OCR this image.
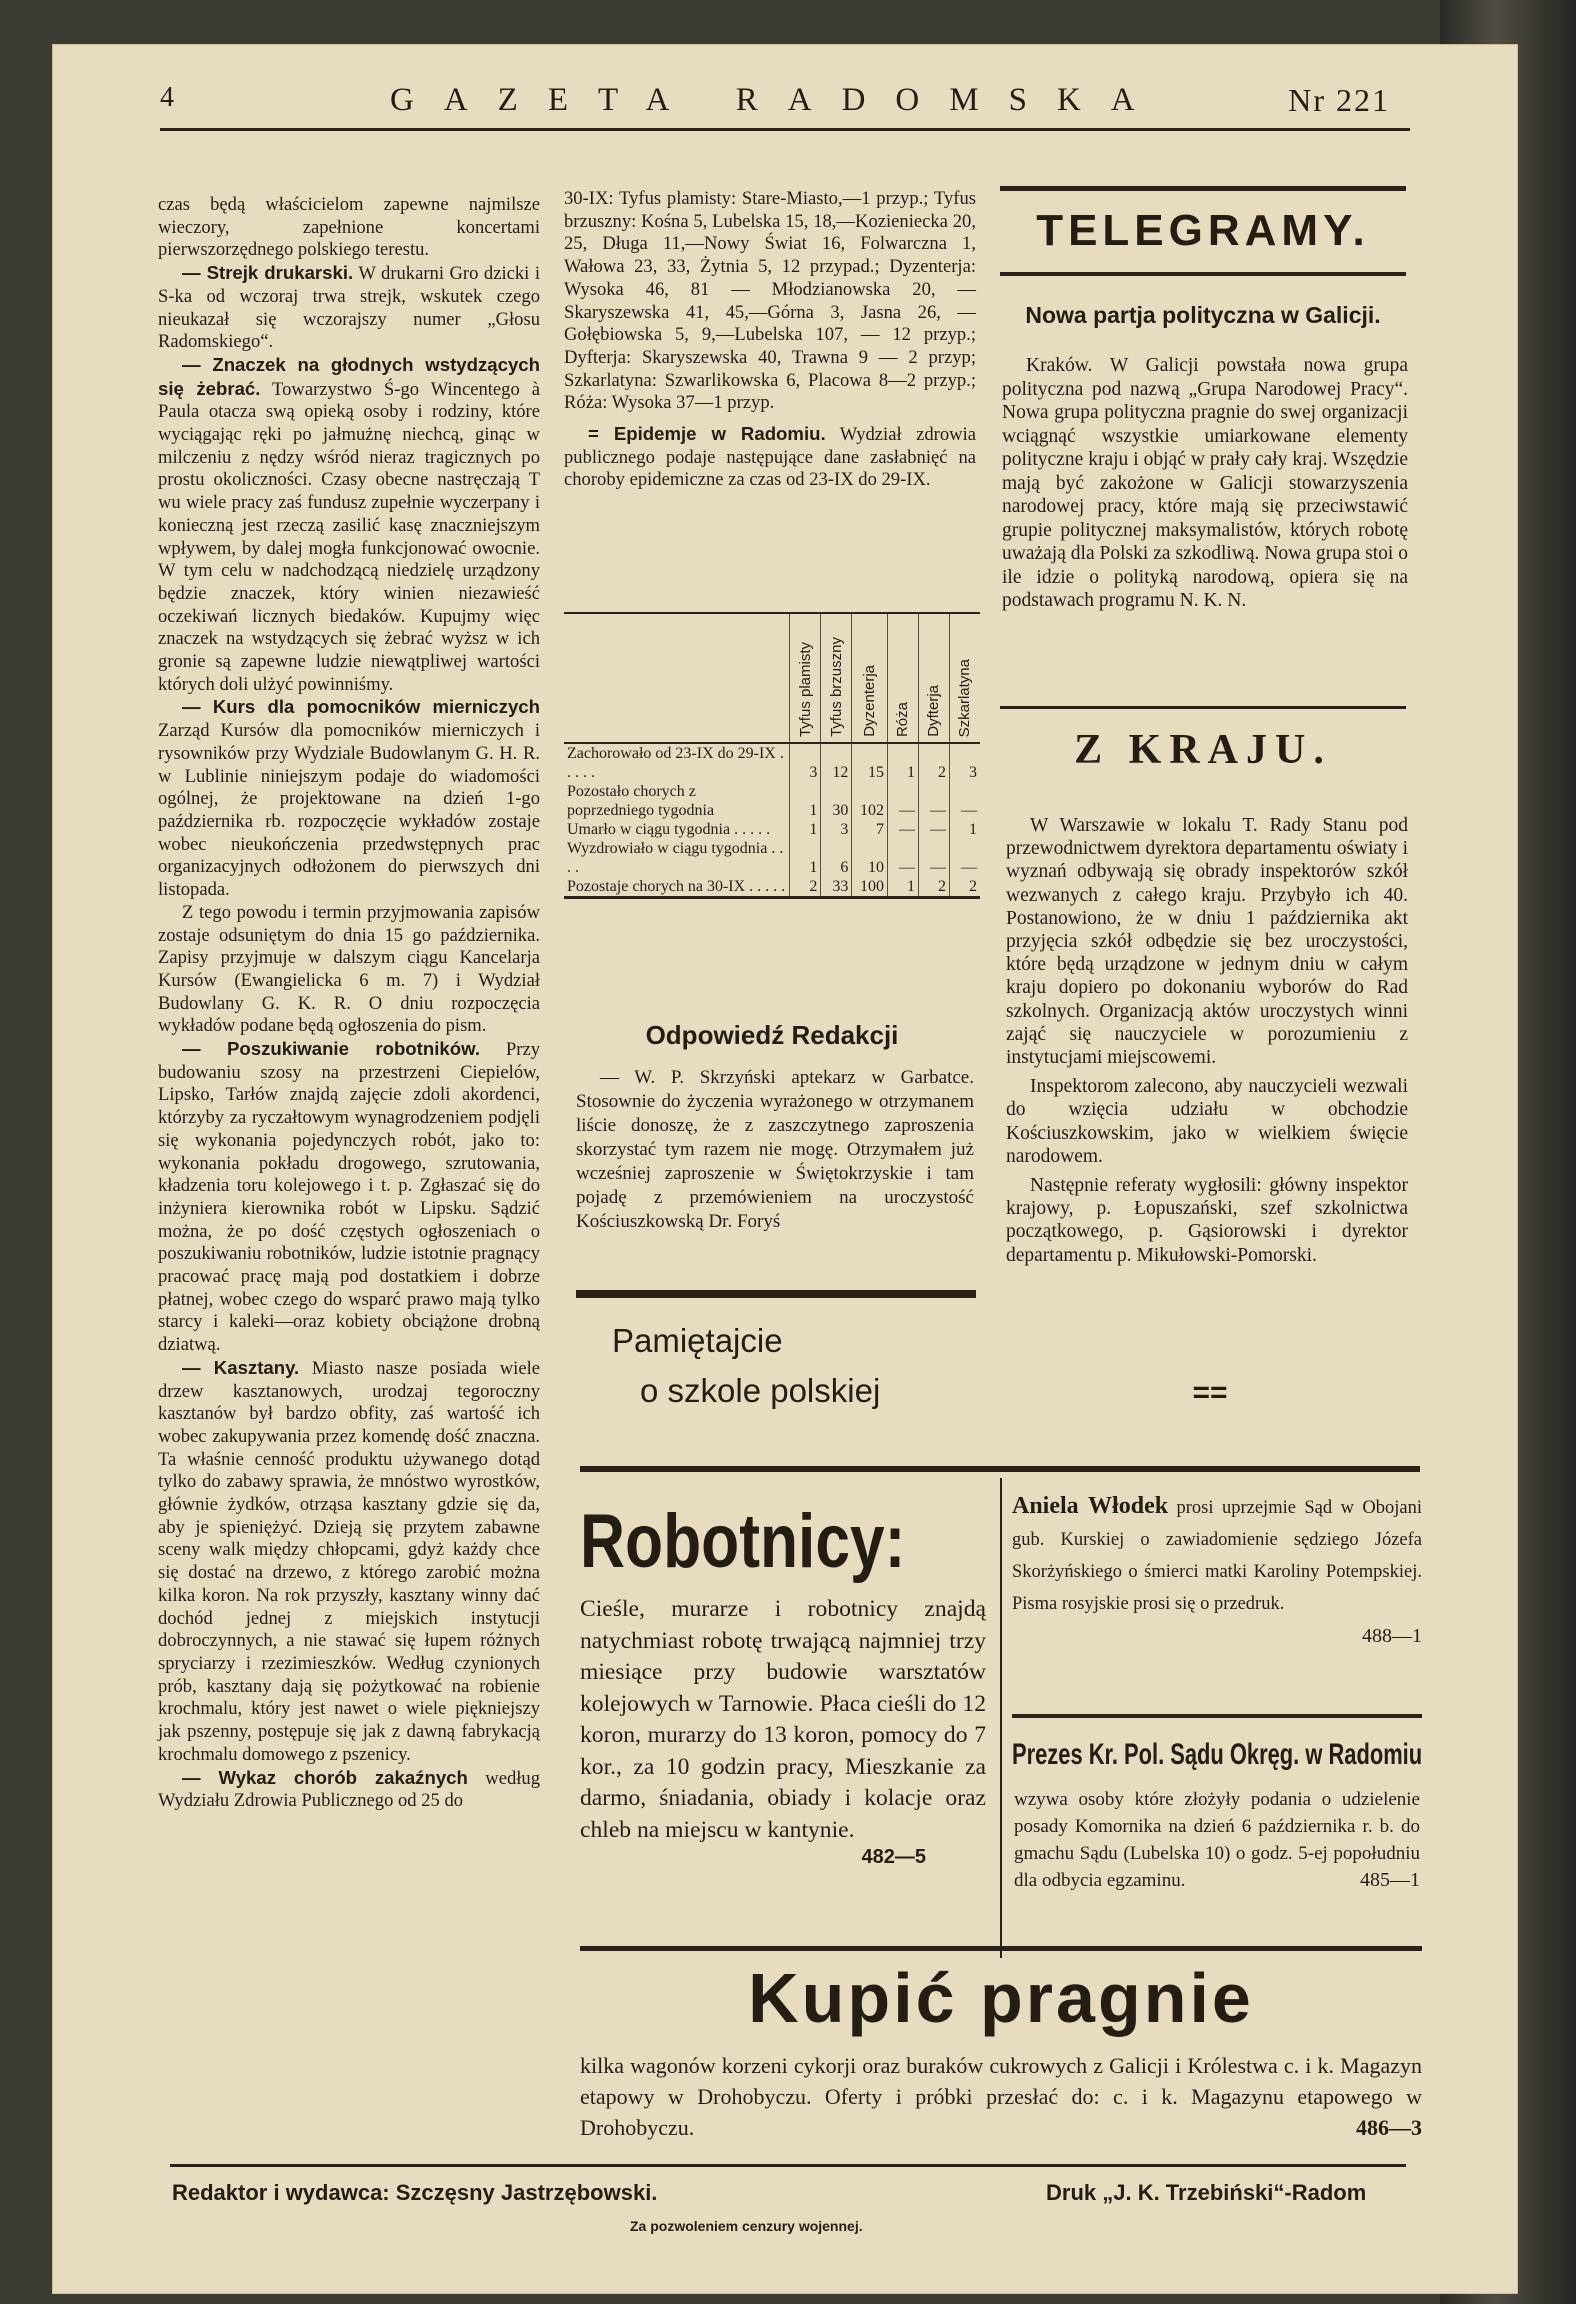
4	GAZETA RADOMSKA	Nr 221

czas będą właścicielom zapewne najmilsze wieczory, zapełnione koncertami pierwszorzędnego polskiego terestu.

— Strejk drukarski. W drukarni Gro dzicki i S-ka od wczoraj trwa strejk, wskutek czego nieukazał się wczorajszy numer „Głosu Radomskiego“.

— Znaczek na głodnych wstydzących się żebrać. Towarzystwo Ś-go Wincentego à Paula otacza swą opieką osoby i rodziny, które wyciągając ręki po jałmużnę niechcą, ginąc w milczeniu z nędzy wśród nieraz tragicznych po prostu okoliczności. Czasy obecne nastręczają T wu wiele pracy zaś fundusz zupełnie wyczerpany i konieczną jest rzeczą zasilić kasę znaczniejszym wpływem, by dalej mogła funkcjonować owocnie. W tym celu w nadchodzącą niedzielę urządzony będzie znaczek, który winien niezawieść oczekiwań licznych biedaków. Kupujmy więc znaczek na wstydzących się żebrać wyższ w ich gronie są zapewne ludzie niewątpliwej wartości których doli ulżyć powinniśmy.

— Kurs dla pomocników mierniczych Zarząd Kursów dla pomocników mierniczych i rysowników przy Wydziale Budowlanym G. H. R. w Lublinie niniejszym podaje do wiadomości ogólnej, że projektowane na dzień 1-go października rb. rozpoczęcie wykładów zostaje wobec nieukończenia przedwstępnych prac organizacyjnych odłożonem do pierwszych dni listopada.

Z tego powodu i termin przyjmowania zapisów zostaje odsuniętym do dnia 15 go października. Zapisy przyjmuje w dalszym ciągu Kancelarja Kursów (Ewangielicka 6 m. 7) i Wydział Budowlany G. K. R. O dniu rozpoczęcia wykładów podane będą ogłoszenia do pism.

— Poszukiwanie robotników. Przy budowaniu szosy na przestrzeni Ciepielów, Lipsko, Tarłów znajdą zajęcie zdoli akordenci, którzyby za ryczałtowym wynagrodzeniem podjęli się wykonania pojedynczych robót, jako to: wykonania pokładu drogowego, szrutowania, kładzenia toru kolejowego i t. p. Zgłaszać się do inżyniera kierownika robót w Lipsku. Sądzić można, że po dość częstych ogłoszeniach o poszukiwaniu robotników, ludzie istotnie pragnący pracować pracę mają pod dostatkiem i dobrze płatnej, wobec czego do wsparć prawo mają tylko starcy i kaleki—oraz kobiety obciążone drobną dziatwą.

— Kasztany. Miasto nasze posiada wiele drzew kasztanowych, urodzaj tegoroczny kasztanów był bardzo obfity, zaś wartość ich wobec zakupywania przez komendę dość znaczna. Ta właśnie cenność produktu używanego dotąd tylko do zabawy sprawia, że mnóstwo wyrostków, głównie żydków, otrząsa kasztany gdzie się da, aby je spieniężyć. Dzieją się przytem zabawne sceny walk między chłopcami, gdyż każdy chce się dostać na drzewo, z którego zarobić można kilka koron. Na rok przyszły, kasztany winny dać dochód jednej z miejskich instytucji dobroczynnych, a nie stawać się łupem różnych spryciarzy i rzezimieszków. Według czynionych prób, kasztany dają się pożytkować na robienie krochmalu, który jest nawet o wiele piękniejszy jak pszenny, postępuje się jak z dawną fabrykacją krochmalu domowego z pszenicy.

— Wykaz chorób zakaźnych według Wydziału Zdrowia Publicznego od 25 do

30-IX: Tyfus plamisty: Stare-Miasto,—1 przyp.; Tyfus brzuszny: Kośna 5, Lubelska 15, 18,—Kozieniecka 20, 25, Długa 11,—Nowy Świat 16, Folwarczna 1, Wałowa 23, 33, Żytnia 5, 12 przypad.; Dyzenterja: Wysoka 46, 81 — Młodzianowska 20, — Skaryszewska 41, 45,—Górna 3, Jasna 26, — Gołębiowska 5, 9,—Lubelska 107, — 12 przyp.; Dyfterja: Skaryszewska 40, Trawna 9 — 2 przyp; Szkarlatyna: Szwarlikowska 6, Placowa 8—2 przyp.; Róża: Wysoka 37—1 przyp.

= Epidemje w Radomiu. Wydział zdrowia publicznego podaje następujące dane zasłabnięć na choroby epidemiczne za czas od 23-IX do 29-IX.

	Tyfus plamisty	Tyfus brzuszny	Dyzenterja	Róża	Dyfterja	Szkarlatyna
Zachorowało od 23-IX do 29-IX . . . . .	3	12	15	1	2	3
Pozostało chorych z poprzedniego tygodnia	1	30	102	—	—	—
Umarło w ciągu tygodnia . . . . .	1	3	7	—	—	1
Wyzdrowiało w ciągu tygodnia . . . .	1	6	10	—	—	—
Pozostaje chorych na 30-IX . . . . .	2	33	100	1	2	2
Odpowiedź Redakcji

— W. P. Skrzyński aptekarz w Garbatce. Stosownie do życzenia wyrażonego w otrzymanem liście donoszę, że z zaszczytnego zaproszenia skorzystać tym razem nie mogę. Otrzymałem już wcześniej zaproszenie w Świętokrzyskie i tam pojadę z przemówieniem na uroczystość Kościuszkowską Dr. Foryś

Pamiętajcie
o szkole polskiej
TELEGRAMY.
Nowa partja polityczna w Galicji.

Kraków. W Galicji powstała nowa grupa polityczna pod nazwą „Grupa Narodowej Pracy“. Nowa grupa polityczna pragnie do swej organizacji wciągnąć wszystkie umiarkowane elementy polityczne kraju i objąć w prały cały kraj. Wszędzie mają być zakożone w Galicji stowarzyszenia narodowej pracy, które mają się przeciwstawić grupie politycznej maksymalistów, których robotę uważają dla Polski za szkodliwą. Nowa grupa stoi o ile idzie o polityką narodową, opiera się na podstawach programu N. K. N.

Z KRAJU.

W Warszawie w lokalu T. Rady Stanu pod przewodnictwem dyrektora departamentu oświaty i wyznań odbywają się obrady inspektorów szkół wezwanych z całego kraju. Przybyło ich 40. Postanowiono, że w dniu 1 października akt przyjęcia szkół odbędzie się bez uroczystości, które będą urządzone w jednym dniu w całym kraju dopiero po dokonaniu wyborów do Rad szkolnych. Organizacją aktów uroczystych winni zająć się nauczyciele w porozumieniu z instytucjami miejscowemi.

Inspektorom zalecono, aby nauczycieli wezwali do wzięcia udziału w obchodzie Kościuszkowskim, jako w wielkiem święcie narodowem.

Następnie referaty wygłosili: główny inspektor krajowy, p. Łopuszański, szef szkolnictwa początkowego, p. Gąsiorowski i dyrektor departamentu p. Mikułowski-Pomorski.

==
Robotnicy:

Cieśle, murarze i robotnicy znajdą natychmiast robotę trwającą najmniej trzy miesiące przy budowie warsztatów kolejowych w Tarnowie. Płaca cieśli do 12 koron, murarzy do 13 koron, pomocy do 7 kor., za 10 godzin pracy, Mieszkanie za darmo, śniadania, obiady i kolacje oraz chleb na miejscu w kantynie.

482—5

Aniela Włodek prosi uprzejmie Sąd w Obojani gub. Kurskiej o zawiadomienie sędziego Józefa Skorżyńskiego o śmierci matki Karoliny Potempskiej. Pisma rosyjskie prosi się o przedruk.

488—1

Prezes Kr. Pol. Sądu Okręg. w Radomiu

wzywa osoby które złożyły podania o udzielenie posady Komornika na dzień 6 października r. b. do gmachu Sądu (Lubelska 10) o godz. 5-ej popołudniu dla odbycia egzaminu.	485—1

Kupić pragnie

kilka wagonów korzeni cykorji oraz buraków cukrowych z Galicji i Królestwa c. i k. Magazyn etapowy w Drohobyczu. Oferty i próbki przesłać do: c. i k. Magazynu etapowego w Drohobyczu.	486—3

Redaktor i wydawca: Szczęsny Jastrzębowski.	Druk „J. K. Trzebiński“-Radom
Za pozwoleniem cenzury wojennej.
